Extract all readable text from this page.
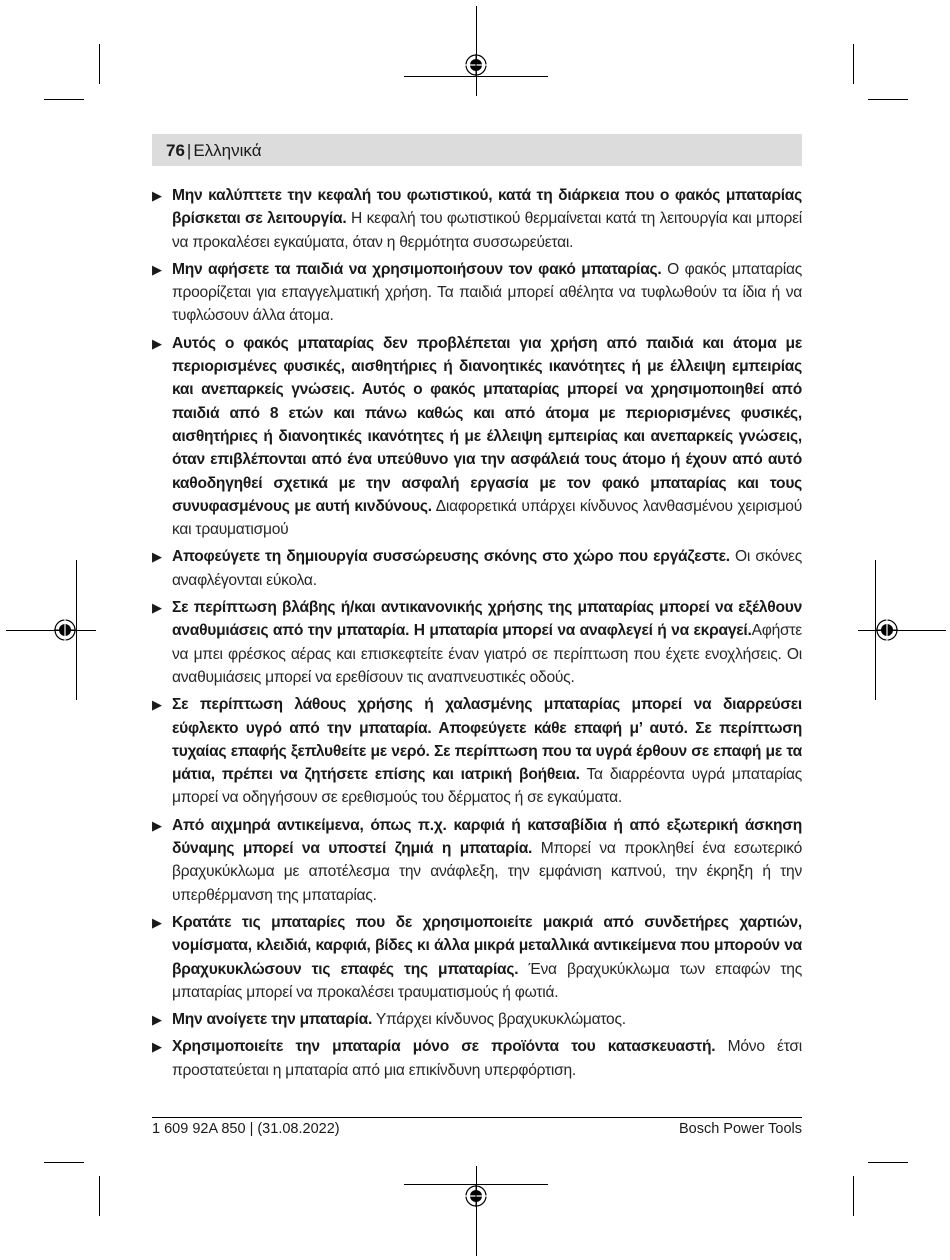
76 | Ελληνικά
▶ Μην καλύπτετε την κεφαλή του φωτιστικού, κατά τη διάρκεια που ο φακός μπαταρίας βρίσκεται σε λειτουργία. Η κεφαλή του φωτιστικού θερμαίνεται κατά τη λειτουργία και μπορεί να προκαλέσει εγκαύματα, όταν η θερμότητα συσσωρεύεται.
▶ Μην αφήσετε τα παιδιά να χρησιμοποιήσουν τον φακό μπαταρίας. Ο φακός μπαταρίας προορίζεται για επαγγελματική χρήση. Τα παιδιά μπορεί αθέλητα να τυφλωθούν τα ίδια ή να τυφλώσουν άλλα άτομα.
▶ Αυτός ο φακός μπαταρίας δεν προβλέπεται για χρήση από παιδιά και άτομα με περιορισμένες φυσικές, αισθητήριες ή διανοητικές ικανότητες ή με έλλειψη εμπειρίας και ανεπαρκείς γνώσεις. Αυτός ο φακός μπαταρίας μπορεί να χρησιμοποιηθεί από παιδιά από 8 ετών και πάνω καθώς και από άτομα με περιορισμένες φυσικές, αισθητήριες ή διανοητικές ικανότητες ή με έλλειψη εμπειρίας και ανεπαρκείς γνώσεις, όταν επιβλέπονται από ένα υπεύθυνο για την ασφάλειά τους άτομο ή έχουν από αυτό καθοδηγηθεί σχετικά με την ασφαλή εργασία με τον φακό μπαταρίας και τους συνυφασμένους με αυτή κινδύνους. Διαφορετικά υπάρχει κίνδυνος λανθασμένου χειρισμού και τραυματισμού
▶ Αποφεύγετε τη δημιουργία συσσώρευσης σκόνης στο χώρο που εργάζεστε. Οι σκόνες αναφλέγονται εύκολα.
▶ Σε περίπτωση βλάβης ή/και αντικανονικής χρήσης της μπαταρίας μπορεί να εξέλθουν αναθυμιάσεις από την μπαταρία. Η μπαταρία μπορεί να αναφλεγεί ή να εκραγεί.Αφήστε να μπει φρέσκος αέρας και επισκεφτείτε έναν γιατρό σε περίπτωση που έχετε ενοχλήσεις. Οι αναθυμιάσεις μπορεί να ερεθίσουν τις αναπνευστικές οδούς.
▶ Σε περίπτωση λάθους χρήσης ή χαλασμένης μπαταρίας μπορεί να διαρρεύσει εύφλεκτο υγρό από την μπαταρία. Αποφεύγετε κάθε επαφή μ’ αυτό. Σε περίπτωση τυχαίας επαφής ξεπλυθείτε με νερό. Σε περίπτωση που τα υγρά έρθουν σε επαφή με τα μάτια, πρέπει να ζητήσετε επίσης και ιατρική βοήθεια. Τα διαρρέοντα υγρά μπαταρίας μπορεί να οδηγήσουν σε ερεθισμούς του δέρματος ή σε εγκαύματα.
▶ Από αιχμηρά αντικείμενα, όπως π.χ. καρφιά ή κατσαβίδια ή από εξωτερική άσκηση δύναμης μπορεί να υποστεί ζημιά η μπαταρία. Μπορεί να προκληθεί ένα εσωτερικό βραχυκύκλωμα με αποτέλεσμα την ανάφλεξη, την εμφάνιση καπνού, την έκρηξη ή την υπερθέρμανση της μπαταρίας.
▶ Κρατάτε τις μπαταρίες που δε χρησιμοποιείτε μακριά από συνδετήρες χαρτιών, νομίσματα, κλειδιά, καρφιά, βίδες κι άλλα μικρά μεταλλικά αντικείμενα που μπορούν να βραχυκυκλώσουν τις επαφές της μπαταρίας. Ένα βραχυκύκλωμα των επαφών της μπαταρίας μπορεί να προκαλέσει τραυματισμούς ή φωτιά.
▶ Μην ανοίγετε την μπαταρία. Υπάρχει κίνδυνος βραχυκυκλώματος.
▶ Χρησιμοποιείτε την μπαταρία μόνο σε προϊόντα του κατασκευαστή. Μόνο έτσι προστατεύεται η μπαταρία από μια επικίνδυνη υπερφόρτιση.
1 609 92A 850 | (31.08.2022)	Bosch Power Tools
